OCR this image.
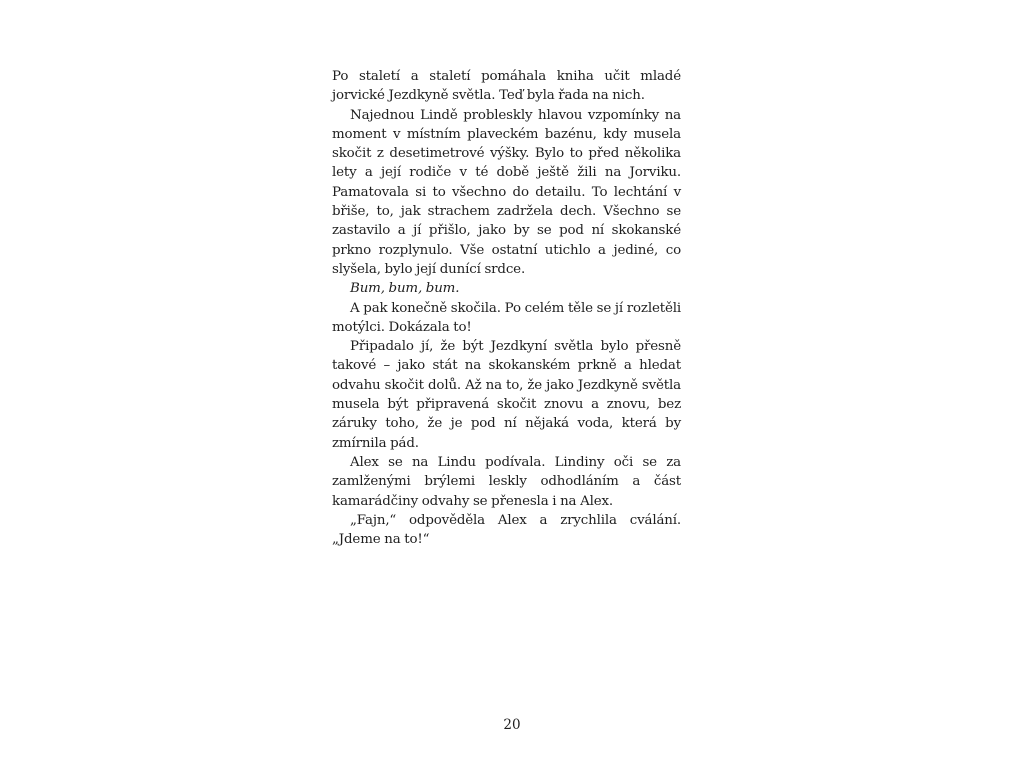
Po staletí a staletí pomáhala kniha učit mladé jorvické Jezdkyně světla. Teď byla řada na nich.

Najednou Lindě probleskly hlavou vzpomínky na moment v místním plaveckém bazénu, kdy musela skočit z desetimetrové výšky. Bylo to před několika lety a její rodiče v té době ještě žili na Jorviku. Pamatovala si to všechno do detailu. To lechtání v břiše, to, jak strachem zadržela dech. Všechno se zastavilo a jí přišlo, jako by se pod ní skokanské prkno rozplynulo. Vše ostatní utichlo a jediné, co slyšela, bylo její dunící srdce.

Bum, bum, bum.

A pak konečně skočila. Po celém těle se jí rozletěli motýlci. Dokázala to!

Připadalo jí, že být Jezdkyní světla bylo přesně takové – jako stát na skokanském prkně a hledat odvahu skočit dolů. Až na to, že jako Jezdkyně světla musela být připravená skočit znovu a znovu, bez záruky toho, že je pod ní nějaká voda, která by zmírnila pád.

Alex se na Lindu podívala. Lindiny oči se za zamlženými brýlemi leskly odhodláním a část kamarádčiny odvahy se přenesla i na Alex.

„Fajn,“ odpověděla Alex a zrychlila cválání. „Jdeme na to!“

20
